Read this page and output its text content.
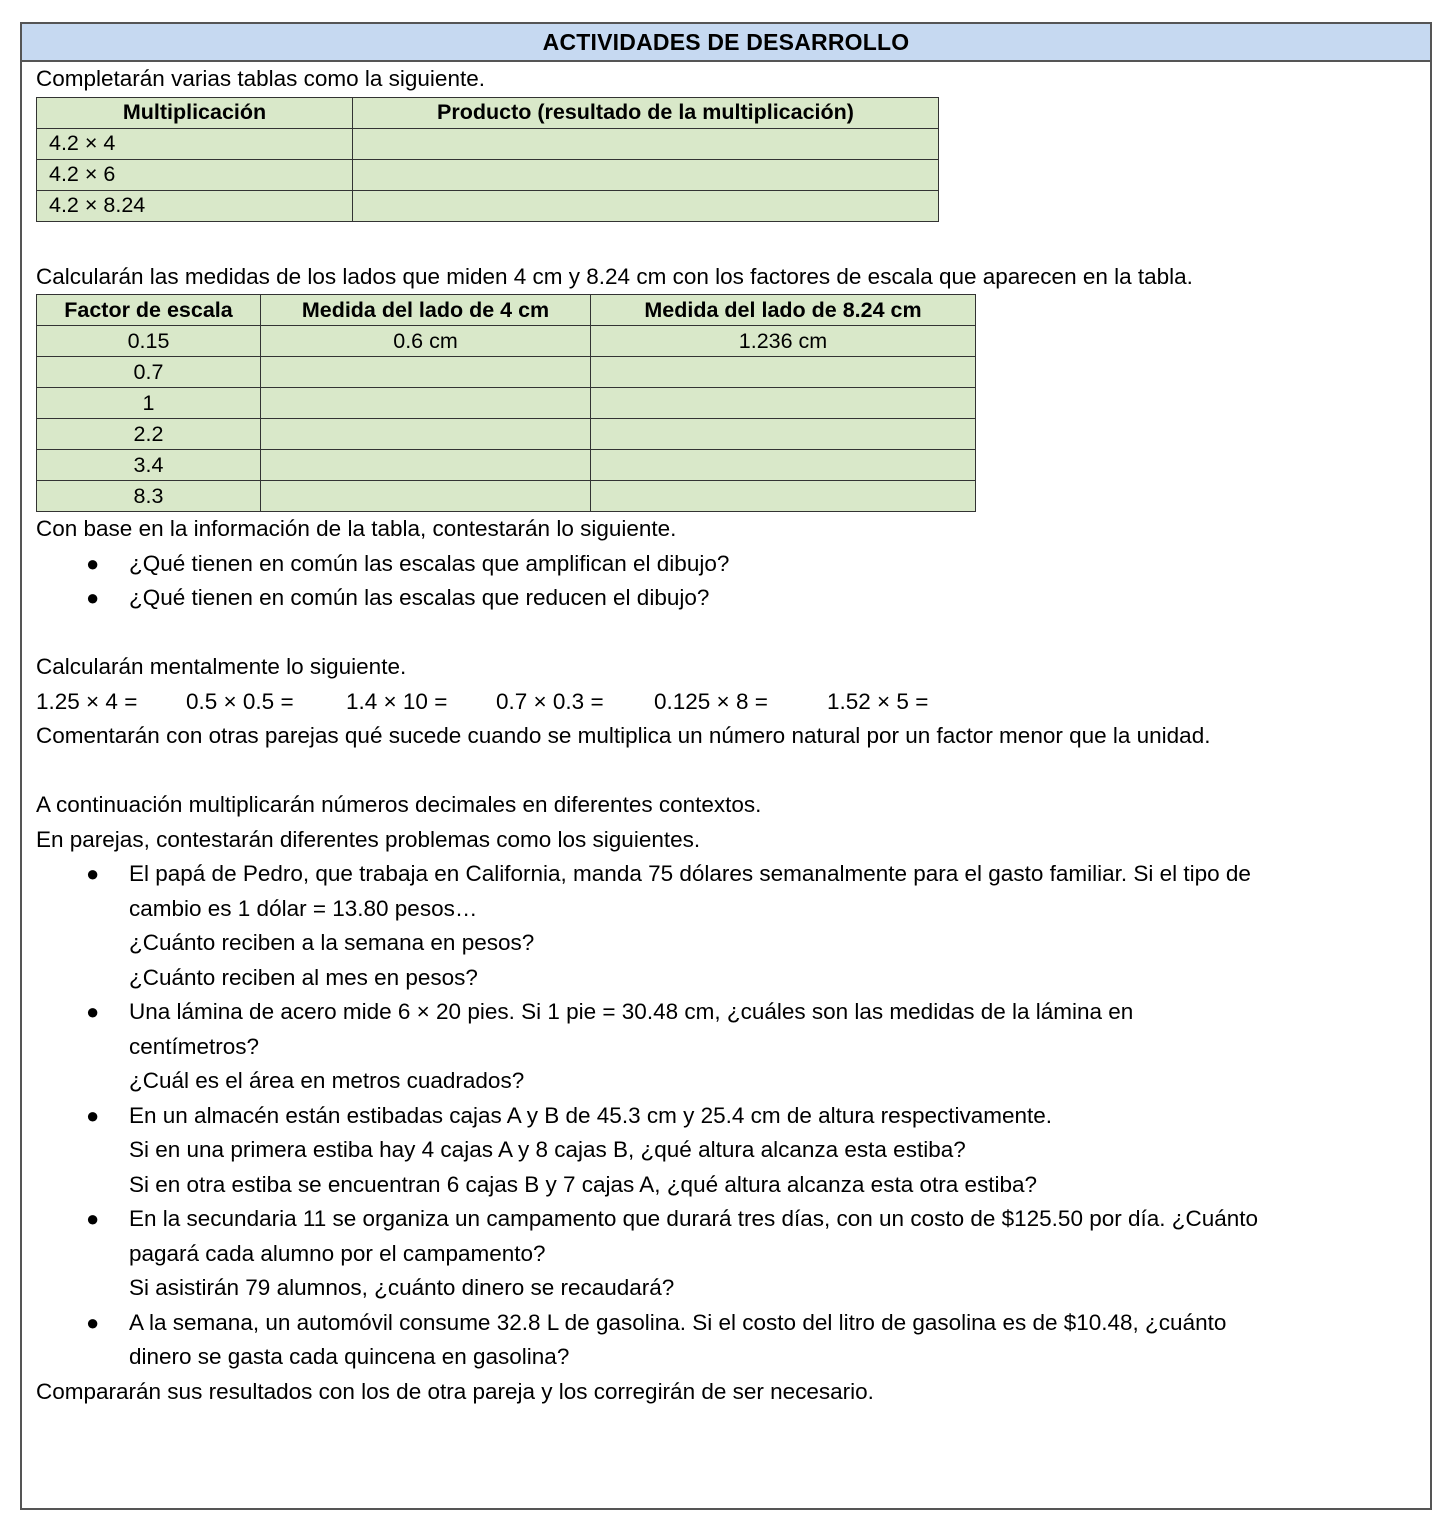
ACTIVIDADES DE DESARROLLO
Completarán varias tablas como la siguiente.
Multiplicación	Producto (resultado de la multiplicación)
4.2 × 4	
4.2 × 6	
4.2 × 8.24	
Calcularán las medidas de los lados que miden 4 cm y 8.24 cm con los factores de escala que aparecen en la tabla.
Factor de escala	Medida del lado de 4 cm	Medida del lado de 8.24 cm
0.15	0.6 cm	1.236 cm
0.7		
1		
2.2		
3.4		
8.3		
Con base en la información de la tabla, contestarán lo siguiente.
● ¿Qué tienen en común las escalas que amplifican el dibujo?
● ¿Qué tienen en común las escalas que reducen el dibujo?
Calcularán mentalmente lo siguiente.
1.25 × 4 =	0.5 × 0.5 =	1.4 × 10 =	0.7 × 0.3 =	0.125 × 8 =	1.52 × 5 =
Comentarán con otras parejas qué sucede cuando se multiplica un número natural por un factor menor que la unidad.
A continuación multiplicarán números decimales en diferentes contextos.
En parejas, contestarán diferentes problemas como los siguientes.
● El papá de Pedro, que trabaja en California, manda 75 dólares semanalmente para el gasto familiar. Si el tipo de
cambio es 1 dólar = 13.80 pesos…
¿Cuánto reciben a la semana en pesos?
¿Cuánto reciben al mes en pesos?
● Una lámina de acero mide 6 × 20 pies. Si 1 pie = 30.48 cm, ¿cuáles son las medidas de la lámina en
centímetros?
¿Cuál es el área en metros cuadrados?
● En un almacén están estibadas cajas A y B de 45.3 cm y 25.4 cm de altura respectivamente.
Si en una primera estiba hay 4 cajas A y 8 cajas B, ¿qué altura alcanza esta estiba?
Si en otra estiba se encuentran 6 cajas B y 7 cajas A, ¿qué altura alcanza esta otra estiba?
● En la secundaria 11 se organiza un campamento que durará tres días, con un costo de $125.50 por día. ¿Cuánto
pagará cada alumno por el campamento?
Si asistirán 79 alumnos, ¿cuánto dinero se recaudará?
● A la semana, un automóvil consume 32.8 L de gasolina. Si el costo del litro de gasolina es de $10.48, ¿cuánto
dinero se gasta cada quincena en gasolina?
Compararán sus resultados con los de otra pareja y los corregirán de ser necesario.
